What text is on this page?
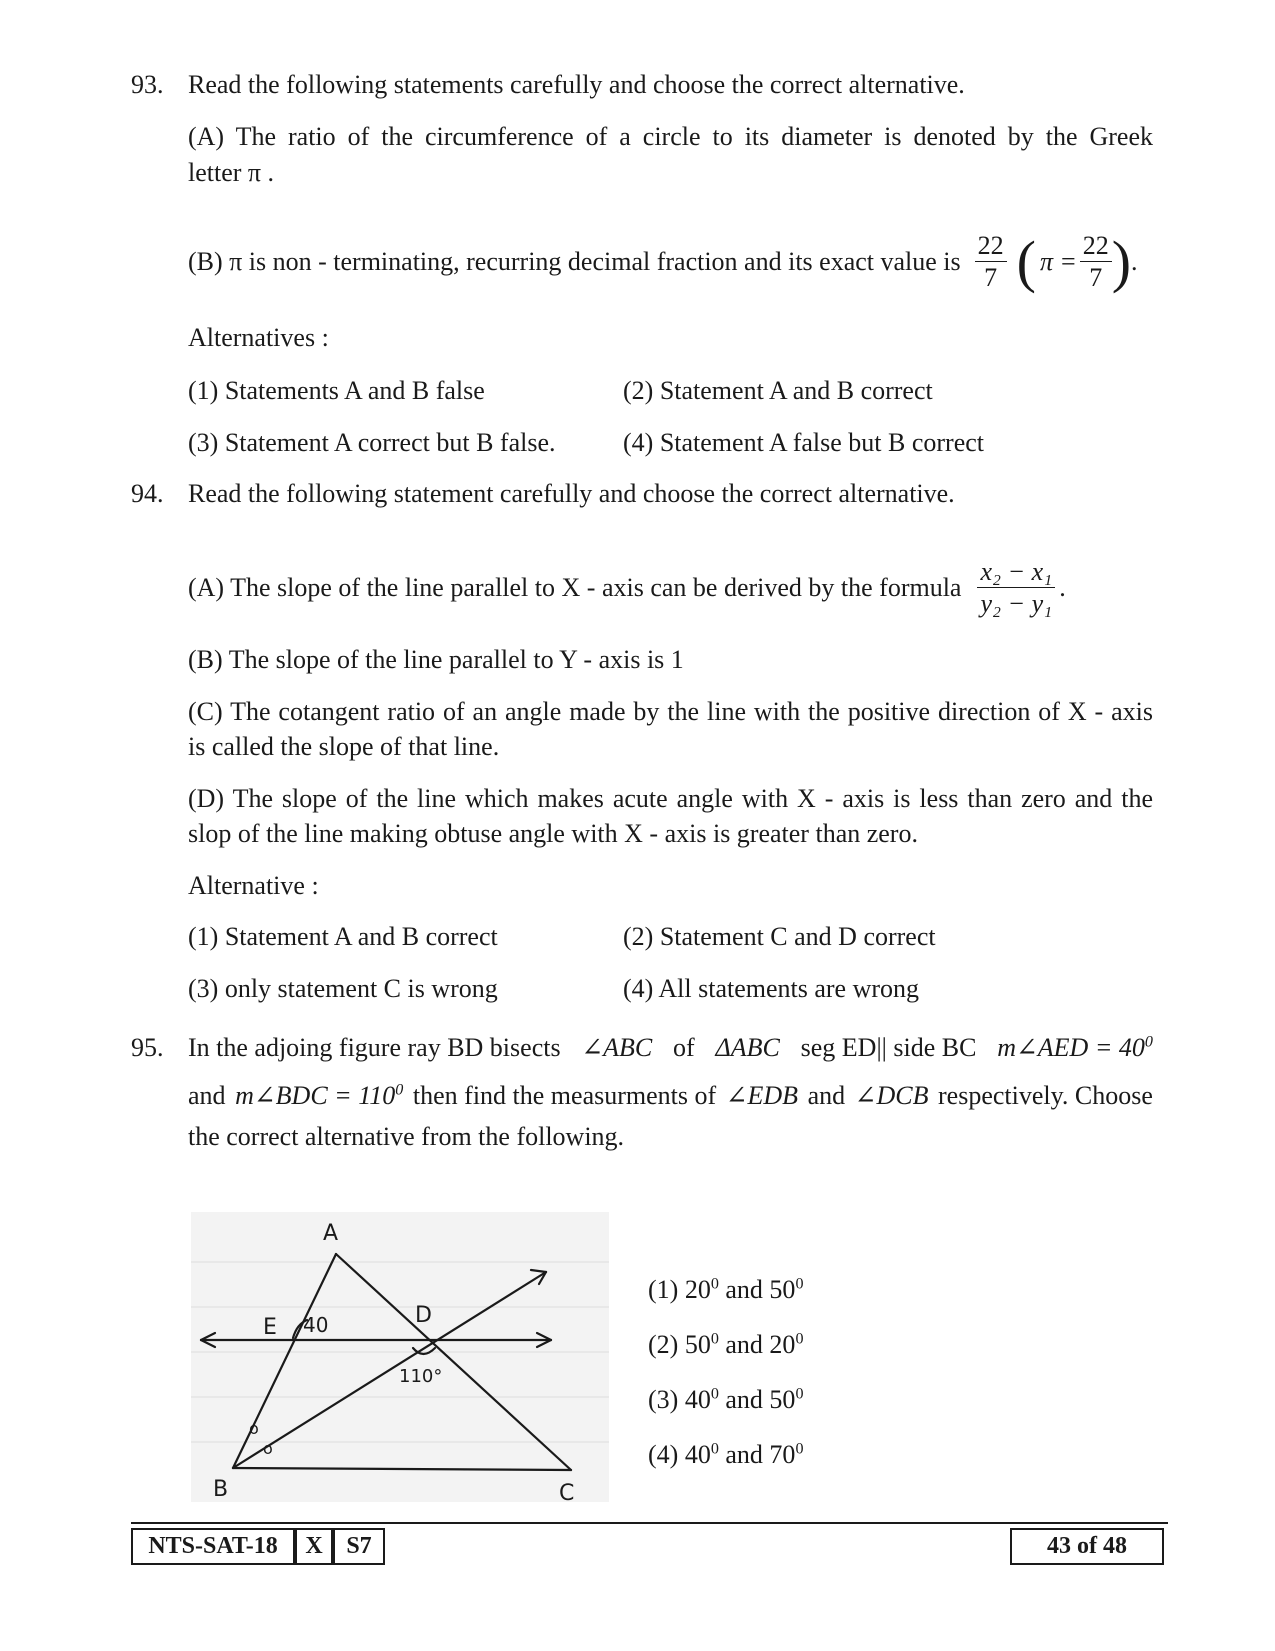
93. Read the following statements carefully and choose the correct alternative.
(A) The ratio of the circumference of a circle to its diameter is denoted by the Greek
letter π .
(B) π is non - terminating, recurring decimal fraction and its exact value is $\frac{22}{7}$ ( $\pi = \frac{22}{7}$ ) .
Alternatives :
(1) Statements A and B false	(2) Statement A and B correct
(3) Statement A correct but B false.	(4) Statement A false but B correct
94. Read the following statement carefully and choose the correct alternative.
(A) The slope of the line parallel to X - axis can be derived by the formula $\frac{\text{x₂ − x₁}}{\text{y₂ − y₁}}$ .
(B) The slope of the line parallel to Y - axis is 1
(C) The cotangent ratio of an angle made by the line with the positive direction of X - axis
is called the slope of that line.
(D) The slope of the line which makes acute angle with X - axis is less than zero and the
slop of the line making obtuse angle with X - axis is greater than zero.
Alternative :
(1) Statement A and B correct	(2) Statement C and D correct
(3) only statement C is wrong	(4) All statements are wrong
95. In the adjoing figure ray BD bisects ∠ABC of ΔABC seg ED|| side BC m∠AED = $40^0$
and m∠BDC = $110^0$ then find the measurments of ∠EDB and ∠DCB respectively. Choose
the correct alternative from the following.
A
B	C
D
E 40
110°
o
o
(1) $20^0$ and $50^0$
(2) $50^0$ and $20^0$
(3) $40^0$ and $50^0$
(4) $40^0$ and $70^0$
NTS-SAT-18	X S7	43 of 48
